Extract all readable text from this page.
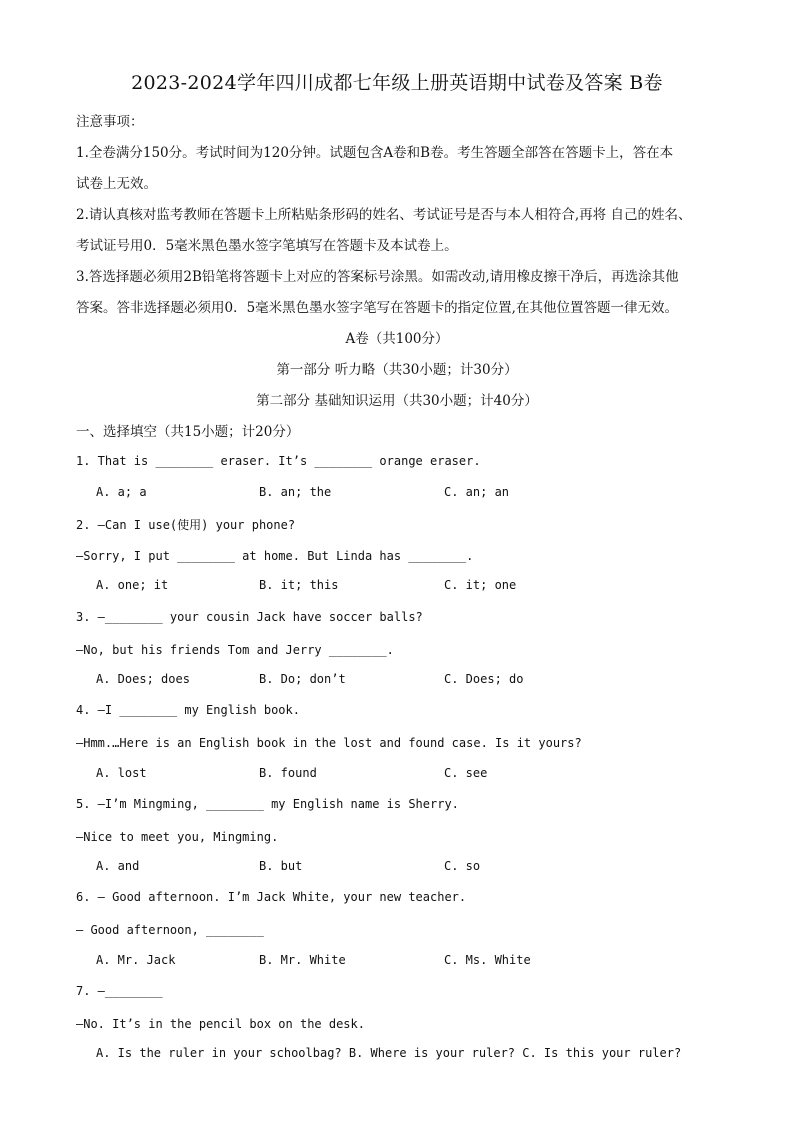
2023-2024学年四川成都七年级上册英语期中试卷及答案 B卷
注意事项：
1.全卷满分150分。考试时间为120分钟。试题包含A卷和B卷。考生答题全部答在答题卡上，答在本
试卷上无效。
2.请认真核对监考教师在答题卡上所粘贴条形码的姓名、考试证号是否与本人相符合,再将 自己的姓名、
考试证号用0．5毫米黑色墨水签字笔填写在答题卡及本试卷上。
3.答选择题必须用2B铅笔将答题卡上对应的答案标号涂黑。如需改动,请用橡皮擦干净后，再选涂其他
答案。答非选择题必须用0．5毫米黑色墨水签字笔写在答题卡的指定位置,在其他位置答题一律无效。
A卷（共100分）
第一部分 听力略（共30小题；计30分）
第二部分 基础知识运用（共30小题；计40分）
一、选择填空（共15小题；计20分）
1. That is ________ eraser. It’s ________ orange eraser.
A. a; a	B. an; the	C. an; an
2. —Can I use(使用) your phone?
—Sorry, I put ________ at home. But Linda has ________.
A. one; it	B. it; this	C. it; one
3. —________ your cousin Jack have soccer balls?
—No, but his friends Tom and Jerry ________.
A. Does; does	B. Do; don’t	C. Does; do
4. —I ________ my English book.
—Hmm.…Here is an English book in the lost and found case. Is it yours?
A. lost	B. found	C. see
5. —I’m Mingming, ________ my English name is Sherry.
—Nice to meet you, Mingming.
A. and	B. but	C. so
6. — Good afternoon. I’m Jack White, your new teacher.
— Good afternoon, ________
A. Mr. Jack	B. Mr. White	C. Ms. White
7. —________
—No. It’s in the pencil box on the desk.
A. Is the ruler in your schoolbag? B. Where is your ruler? C. Is this your ruler?
